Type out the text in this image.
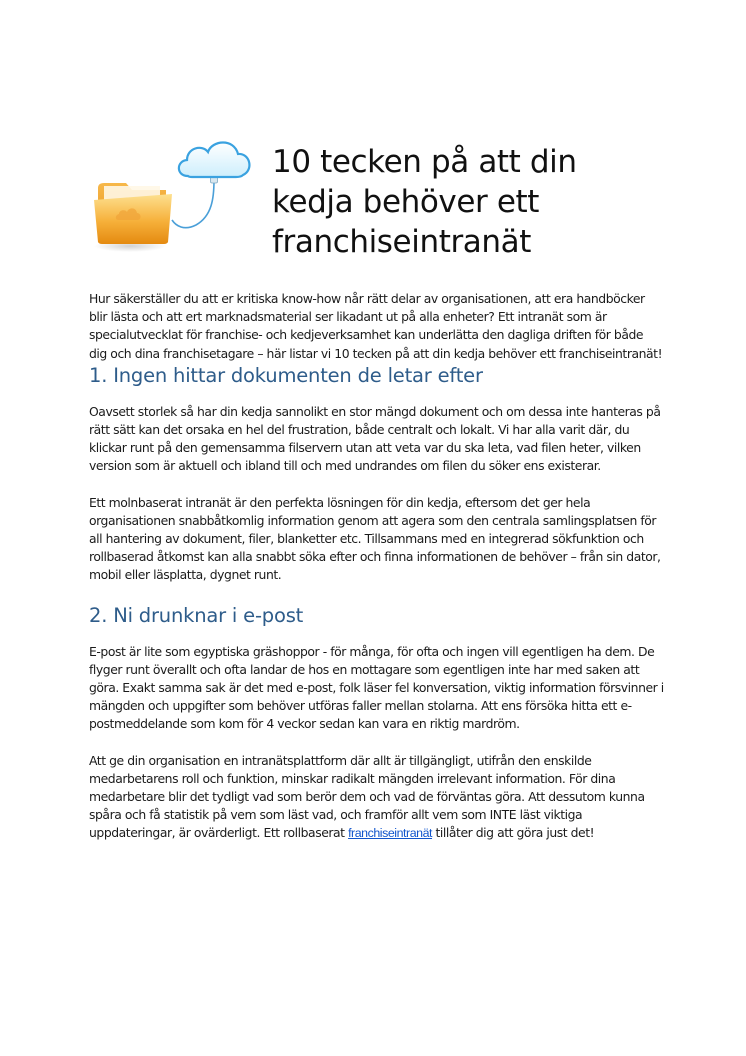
10 tecken på att din kedja behöver ett franchiseintranät

Hur säkerställer du att er kritiska know-how når rätt delar av organisationen, att era handböcker blir lästa och att ert marknadsmaterial ser likadant ut på alla enheter? Ett intranät som är specialutvecklat för franchise- och kedjeverksamhet kan underlätta den dagliga driften för både dig och dina franchisetagare – här listar vi 10 tecken på att din kedja behöver ett franchiseintranät!

1. Ingen hittar dokumenten de letar efter

Oavsett storlek så har din kedja sannolikt en stor mängd dokument och om dessa inte hanteras på rätt sätt kan det orsaka en hel del frustration, både centralt och lokalt. Vi har alla varit där, du klickar runt på den gemensamma filservern utan att veta var du ska leta, vad filen heter, vilken version som är aktuell och ibland till och med undrandes om filen du söker ens existerar.

Ett molnbaserat intranät är den perfekta lösningen för din kedja, eftersom det ger hela organisationen snabbåtkomlig information genom att agera som den centrala samlingsplatsen för all hantering av dokument, filer, blanketter etc. Tillsammans med en integrerad sökfunktion och rollbaserad åtkomst kan alla snabbt söka efter och finna informationen de behöver – från sin dator, mobil eller läsplatta, dygnet runt.

2. Ni drunknar i e-post

E-post är lite som egyptiska gräshoppor - för många, för ofta och ingen vill egentligen ha dem. De flyger runt överallt och ofta landar de hos en mottagare som egentligen inte har med saken att göra. Exakt samma sak är det med e-post, folk läser fel konversation, viktig information försvinner i mängden och uppgifter som behöver utföras faller mellan stolarna. Att ens försöka hitta ett e-postmeddelande som kom för 4 veckor sedan kan vara en riktig mardröm.

Att ge din organisation en intranätsplattform där allt är tillgängligt, utifrån den enskilde medarbetarens roll och funktion, minskar radikalt mängden irrelevant information. För dina medarbetare blir det tydligt vad som berör dem och vad de förväntas göra. Att dessutom kunna spåra och få statistik på vem som läst vad, och framför allt vem som INTE läst viktiga uppdateringar, är ovärderligt. Ett rollbaserat franchiseintranät tillåter dig att göra just det!
